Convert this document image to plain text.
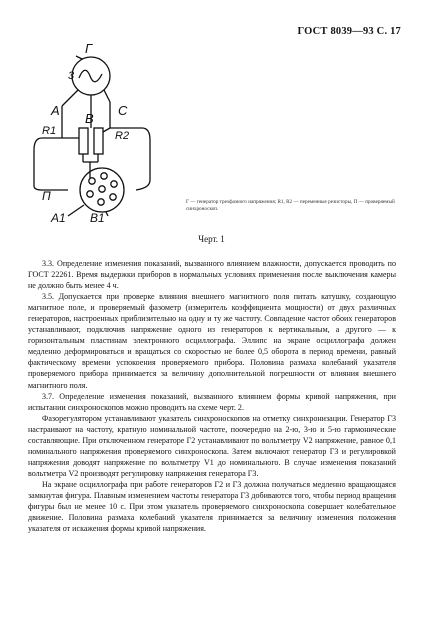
ГОСТ 8039—93 С. 17
Г
3
А
В
С
R1	R2
П
А1 В1
Г — генератор трехфазного напряжения; R1, R2 — переменные резисторы, П — проверяемый синхроноскоп.
Черт. 1

3.3. Определение изменения показаний, вызванного влиянием влажности, допускается проводить по ГОСТ 22261. Время выдержки приборов в нормальных условиях применения после выключения камеры не должно быть менее 4 ч.

3.5. Допускается при проверке влияния внешнего магнитного поля питать катушку, создающую магнитное поле, и проверяемый фазометр (измеритель коэффициента мощности) от двух различных генераторов, настроенных приблизительно на одну и ту же частоту. Совпадение частот обоих генераторов устанавливают, подключив напряжение одного из генераторов к вертикальным, а другого — к горизонтальным пластинам электронного осциллографа. Эллипс на экране осциллографа должен медленно деформироваться и вращаться со скоростью не более 0,5 оборота в период времени, равный фактическому времени успокоения проверяемого прибора. Половина размаха колебаний указателя проверяемого прибора принимается за величину дополнительной погрешности от влияния внешнего магнитного поля.

3.7. Определение изменения показаний, вызванного влиянием формы кривой напряжения, при испытании синхроноскопов можно проводить на схеме черт. 2.

Фазорегулятором устанавливают указатель синхроноскопов на отметку синхронизации. Генератор Г3 настраивают на частоту, кратную номинальной частоте, поочередно на 2-ю, 3-ю и 5-ю гармонические составляющие. При отключенном генераторе Г2 устанавливают по вольтметру V2 напряжение, равное 0,1 номинального напряжения проверяемого синхроноскопа. Затем включают генератор Г3 и регулировкой напряжения доводят напряжение по вольтметру V1 до номинального. В случае изменения показаний вольтметра V2 производят регулировку напряжения генератора Г3.

На экране осциллографа при работе генераторов Г2 и Г3 должна получаться медленно вращающаяся замкнутая фигура. Плавным изменением частоты генератора Г3 добиваются того, чтобы период вращения фигуры был не менее 10 с. При этом указатель проверяемого синхроноскопа совершает колебательное движение. Половина размаха колебаний указателя принимается за величину изменения положения указателя от искажения формы кривой напряжения.
